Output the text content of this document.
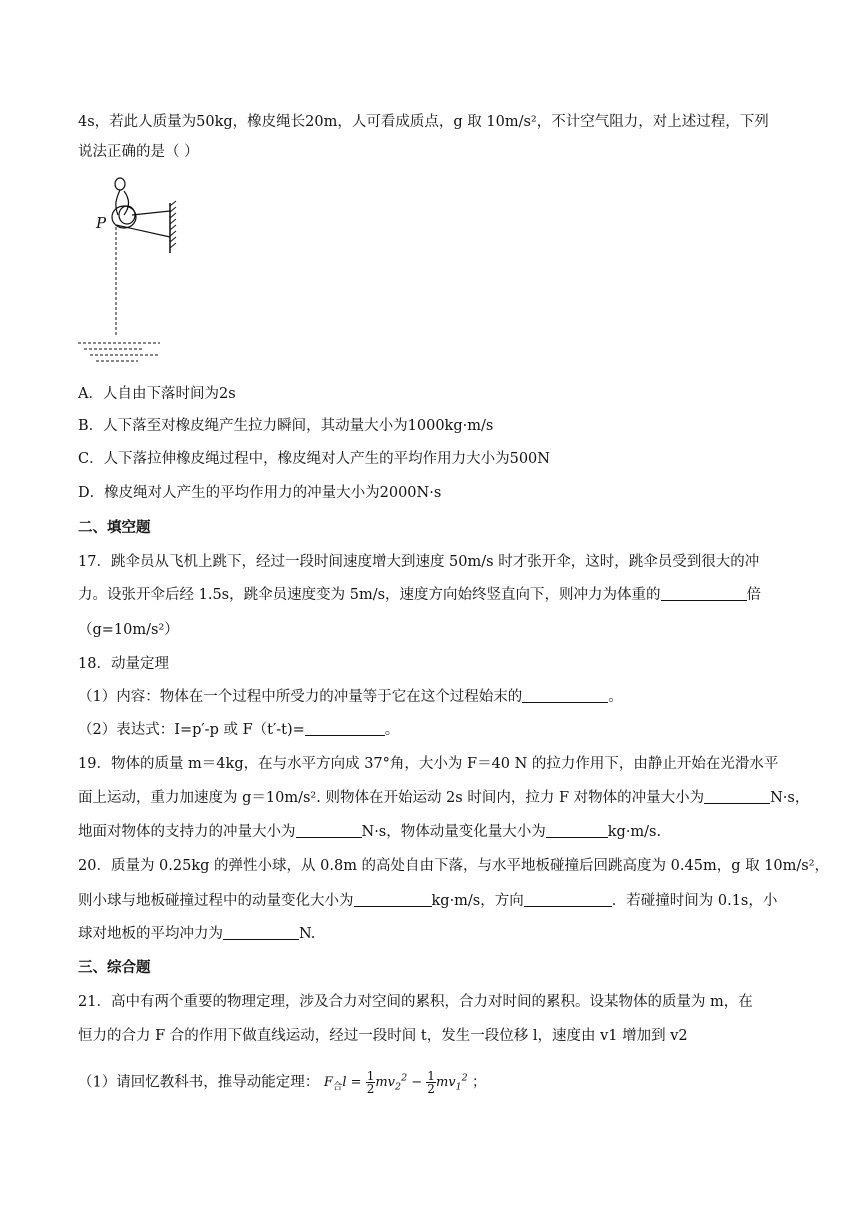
4s，若此人质量为50kg，橡皮绳长20m，人可看成质点，g 取 10m/s²，不计空气阻力，对上述过程，下列
说法正确的是（ ）
P
A．人自由下落时间为2s
B．人下落至对橡皮绳产生拉力瞬间，其动量大小为1000kg·m/s
C．人下落拉伸橡皮绳过程中，橡皮绳对人产生的平均作用力大小为500N
D．橡皮绳对人产生的平均作用力的冲量大小为2000N·s
二、填空题
17．跳伞员从飞机上跳下，经过一段时间速度增大到速度 50m/s 时才张开伞，这时，跳伞员受到很大的冲
力。设张开伞后经 1.5s，跳伞员速度变为 5m/s，速度方向始终竖直向下，则冲力为体重的	倍
（g=10m/s²）
18．动量定理
（1）内容：物体在一个过程中所受力的冲量等于它在这个过程始末的	。
（2）表达式：I=p′-p 或 F（t′-t)=	。
19．物体的质量 m＝4kg，在与水平方向成 37°角，大小为 F＝40 N 的拉力作用下，由静止开始在光滑水平
面上运动，重力加速度为 g＝10m/s². 则物体在开始运动 2s 时间内，拉力 F 对物体的冲量大小为	N·s，
地面对物体的支持力的冲量大小为	N·s，物体动量变化量大小为	kg·m/s.
20．质量为 0.25kg 的弹性小球，从 0.8m 的高处自由下落，与水平地板碰撞后回跳高度为 0.45m，g 取 10m/s²，
则小球与地板碰撞过程中的动量变化大小为	kg·m/s，方向	．若碰撞时间为 0.1s，小
球对地板的平均冲力为	N.
三、综合题
21．高中有两个重要的物理定理，涉及合力对空间的累积，合力对时间的累积。设某物体的质量为 m，在
恒力的合力 F 合的作用下做直线运动，经过一段时间 t，发生一段位移 l，速度由 v1 增加到 v2
（1）请回忆教科书，推导动能定理： $F_合l = \frac{1}{2} mv_2^2 - \frac{1}{2} mv_1^2$ ；
